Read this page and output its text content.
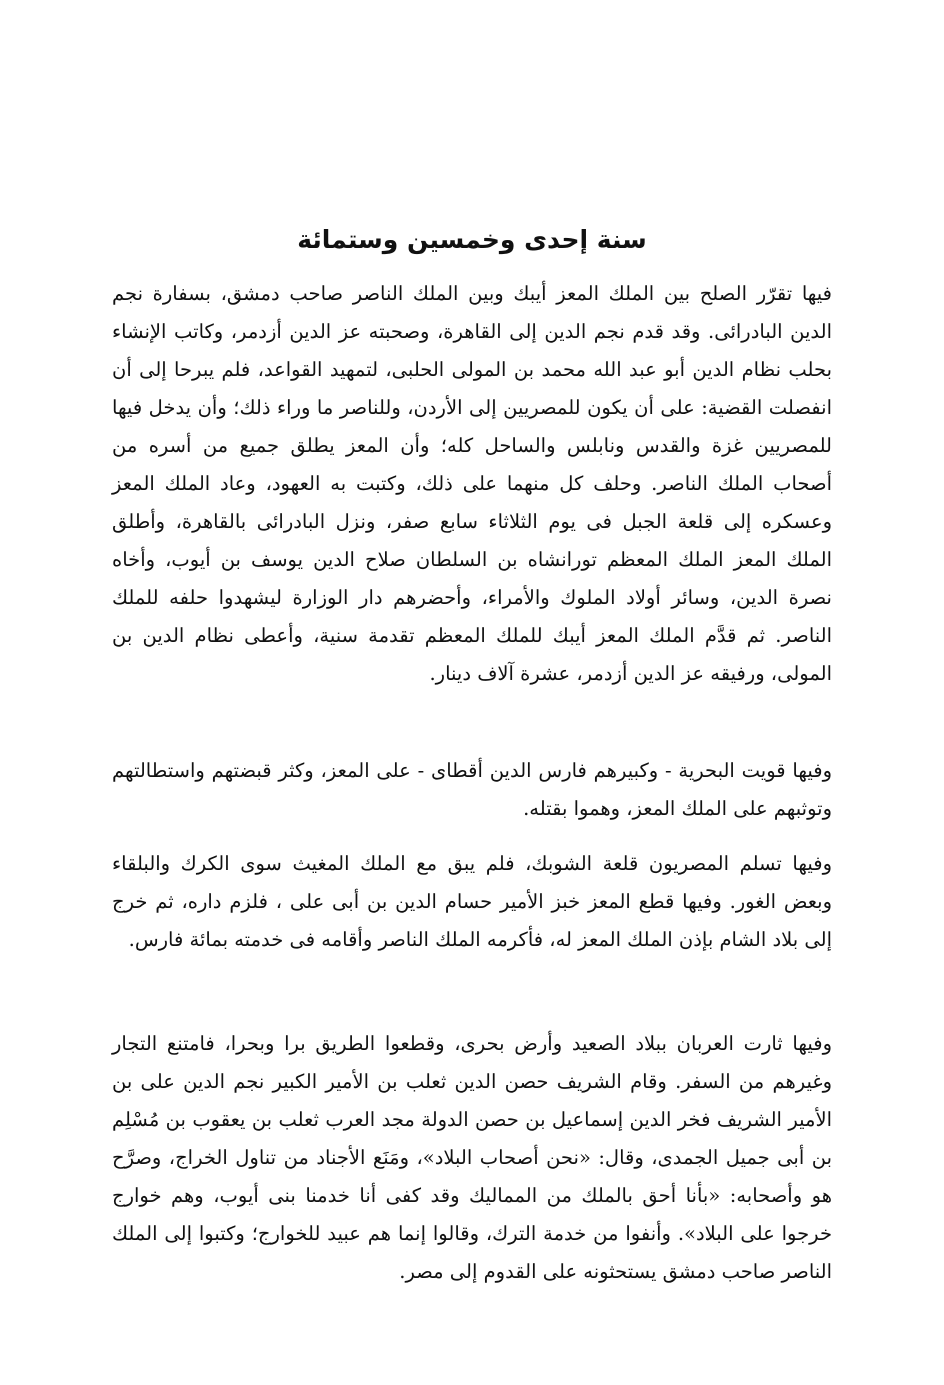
سنة إحدى وخمسين وستمائة

فيها تقرّر الصلح بين الملك المعز أيبك وبين الملك الناصر صاحب دمشق، بسفارة نجم الدين البادرائى. وقد قدم نجم الدين إلى القاهرة، وصحبته عز الدين أزدمر، وكاتب الإنشاء بحلب نظام الدين أبو عبد الله محمد بن المولى الحلبى، لتمهيد القواعد، فلم يبرحا إلى أن انفصلت القضية: على أن يكون للمصريين إلى الأردن، وللناصر ما وراء ذلك؛ وأن يدخل فيها للمصريين غزة والقدس ونابلس والساحل كله؛ وأن المعز يطلق جميع من أسره من أصحاب الملك الناصر. وحلف كل منهما على ذلك، وكتبت به العهود، وعاد الملك المعز وعسكره إلى قلعة الجبل فى يوم الثلاثاء سابع صفر، ونزل البادرائى بالقاهرة، وأطلق الملك المعز الملك المعظم تورانشاه بن السلطان صلاح الدين يوسف بن أيوب، وأخاه نصرة الدين، وسائر أولاد الملوك والأمراء، وأحضرهم دار الوزارة ليشهدوا حلفه للملك الناصر. ثم قدَّم الملك المعز أيبك للملك المعظم تقدمة سنية، وأعطى نظام الدين بن المولى، ورفيقه عز الدين أزدمر، عشرة آلاف دينار.

وفيها قويت البحرية - وكبيرهم فارس الدين أقطاى - على المعز، وكثر قبضتهم واستطالتهم وتوثبهم على الملك المعز، وهموا بقتله.

وفيها تسلم المصريون قلعة الشوبك، فلم يبق مع الملك المغيث سوى الكرك والبلقاء وبعض الغور. وفيها قطع المعز خبز الأمير حسام الدين بن أبى على ، فلزم داره، ثم خرج إلى بلاد الشام بإذن الملك المعز له، فأكرمه الملك الناصر وأقامه فى خدمته بمائة فارس.

وفيها ثارت العربان ببلاد الصعيد وأرض بحرى، وقطعوا الطريق برا وبحرا، فامتنع التجار وغيرهم من السفر. وقام الشريف حصن الدين ثعلب بن الأمير الكبير نجم الدين على بن الأمير الشريف فخر الدين إسماعيل بن حصن الدولة مجد العرب ثعلب بن يعقوب بن مُسْلِم بن أبى جميل الجمدى، وقال: «نحن أصحاب البلاد»، ومَنَع الأجناد من تناول الخراج، وصرَّح هو وأصحابه: «بأنا أحق بالملك من المماليك وقد كفى أنا خدمنا بنى أيوب، وهم خوارج خرجوا على البلاد». وأنفوا من خدمة الترك، وقالوا إنما هم عبيد للخوارج؛ وكتبوا إلى الملك الناصر صاحب دمشق يستحثونه على القدوم إلى مصر.
